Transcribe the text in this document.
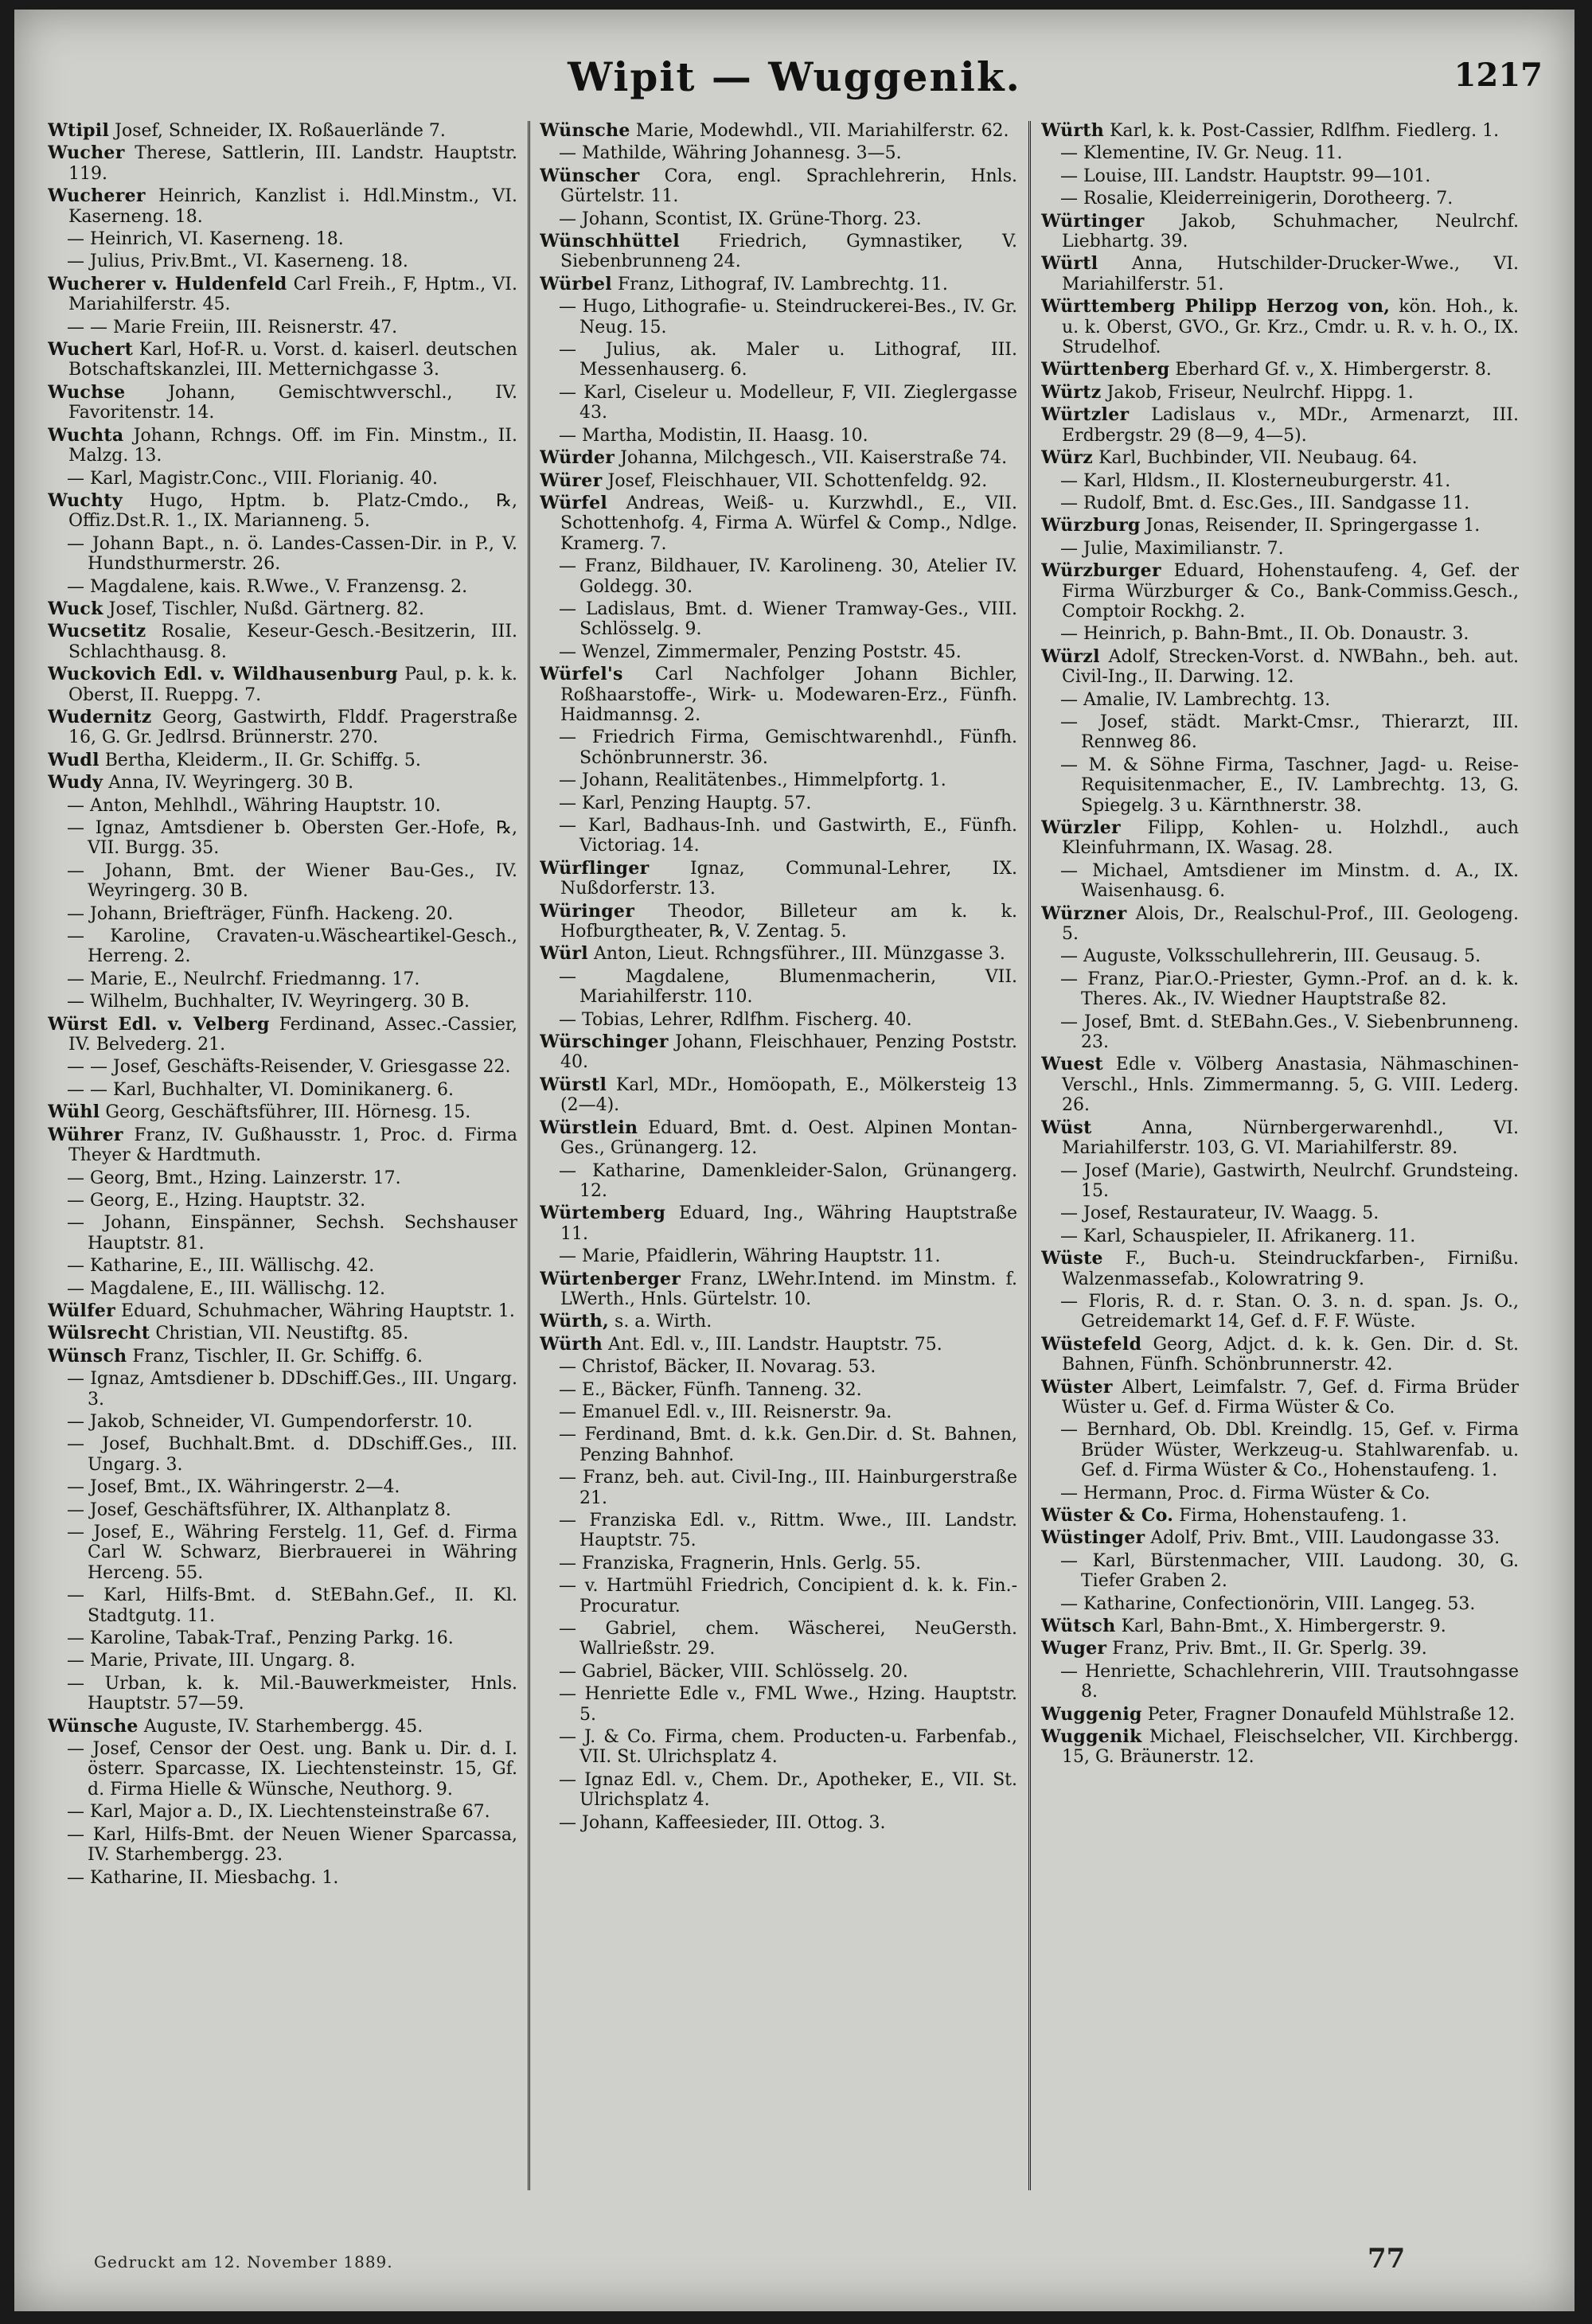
Wipit — Wuggenik.	1217
Wtipil Josef, Schneider, IX. Roßauerlände 7.
Wucher Therese, Sattlerin, III. Landstr. Hauptstr. 119.
Wucherer Heinrich, Kanzlist i. Hdl.Minstm., VI. Kaserneng. 18.
— Heinrich, VI. Kaserneng. 18.
— Julius, Priv.Bmt., VI. Kaserneng. 18.
Wucherer v. Huldenfeld Carl Freih., F, Hptm., VI. Mariahilferstr. 45.
— — Marie Freiin, III. Reisnerstr. 47.
Wuchert Karl, Hof-R. u. Vorst. d. kaiserl. deutschen Botschaftskanzlei, III. Metternichgasse 3.
Wuchse Johann, Gemischtwverschl., IV. Favoritenstr. 14.
Wuchta Johann, Rchngs. Off. im Fin. Minstm., II. Malzg. 13.
— Karl, Magistr.Conc., VIII. Florianig. 40.
Wuchty Hugo, Hptm. b. Platz-Cmdo., ℞, Offiz.Dst.R. 1., IX. Marianneng. 5.
— Johann Bapt., n. ö. Landes-Cassen-Dir. in P., V. Hundsthurmerstr. 26.
— Magdalene, kais. R.Wwe., V. Franzensg. 2.
Wuck Josef, Tischler, Nußd. Gärtnerg. 82.
Wucsetitz Rosalie, Keseur-Gesch.-Besitzerin, III. Schlachthausg. 8.
Wuckovich Edl. v. Wildhausenburg Paul, p. k. k. Oberst, II. Rueppg. 7.
Wudernitz Georg, Gastwirth, Flddf. Pragerstraße 16, G. Gr. Jedlrsd. Brünnerstr. 270.
Wudl Bertha, Kleiderm., II. Gr. Schiffg. 5.
Wudy Anna, IV. Weyringerg. 30 B.
— Anton, Mehlhdl., Währing Hauptstr. 10.
— Ignaz, Amtsdiener b. Obersten Ger.-Hofe, ℞, VII. Burgg. 35.
— Johann, Bmt. der Wiener Bau-Ges., IV. Weyringerg. 30 B.
— Johann, Briefträger, Fünfh. Hackeng. 20.
— Karoline, Cravaten-u.Wäscheartikel-Gesch., Herreng. 2.
— Marie, E., Neulrchf. Friedmanng. 17.
— Wilhelm, Buchhalter, IV. Weyringerg. 30 B.
Würst Edl. v. Velberg Ferdinand, Assec.-Cassier, IV. Belvederg. 21.
— — Josef, Geschäfts-Reisender, V. Griesgasse 22.
— — Karl, Buchhalter, VI. Dominikanerg. 6.
Wühl Georg, Geschäftsführer, III. Hörnesg. 15.
Wührer Franz, IV. Gußhausstr. 1, Proc. d. Firma Theyer & Hardtmuth.
— Georg, Bmt., Hzing. Lainzerstr. 17.
— Georg, E., Hzing. Hauptstr. 32.
— Johann, Einspänner, Sechsh. Sechshauser Hauptstr. 81.
— Katharine, E., III. Wällischg. 42.
— Magdalene, E., III. Wällischg. 12.
Wülfer Eduard, Schuhmacher, Währing Hauptstr. 1.
Wülsrecht Christian, VII. Neustiftg. 85.
Wünsch Franz, Tischler, II. Gr. Schiffg. 6.
— Ignaz, Amtsdiener b. DDschiff.Ges., III. Ungarg. 3.
— Jakob, Schneider, VI. Gumpendorferstr. 10.
— Josef, Buchhalt.Bmt. d. DDschiff.Ges., III. Ungarg. 3.
— Josef, Bmt., IX. Währingerstr. 2—4.
— Josef, Geschäftsführer, IX. Althanplatz 8.
— Josef, E., Währing Ferstelg. 11, Gef. d. Firma Carl W. Schwarz, Bierbrauerei in Währing Herceng. 55.
— Karl, Hilfs-Bmt. d. StEBahn.Gef., II. Kl. Stadtgutg. 11.
— Karoline, Tabak-Traf., Penzing Parkg. 16.
— Marie, Private, III. Ungarg. 8.
— Urban, k. k. Mil.-Bauwerkmeister, Hnls. Hauptstr. 57—59.
Wünsche Auguste, IV. Starhembergg. 45.
— Josef, Censor der Oest. ung. Bank u. Dir. d. I. österr. Sparcasse, IX. Liechtensteinstr. 15, Gf. d. Firma Hielle & Wünsche, Neuthorg. 9.
— Karl, Major a. D., IX. Liechtensteinstraße 67.
— Karl, Hilfs-Bmt. der Neuen Wiener Sparcassa, IV. Starhembergg. 23.
— Katharine, II. Miesbachg. 1.
Wünsche Marie, Modewhdl., VII. Mariahilferstr. 62.
— Mathilde, Währing Johannesg. 3—5.
Wünscher Cora, engl. Sprachlehrerin, Hnls. Gürtelstr. 11.
— Johann, Scontist, IX. Grüne-Thorg. 23.
Wünschhüttel Friedrich, Gymnastiker, V. Siebenbrunneng 24.
Würbel Franz, Lithograf, IV. Lambrechtg. 11.
— Hugo, Lithografie- u. Steindruckerei-Bes., IV. Gr. Neug. 15.
— Julius, ak. Maler u. Lithograf, III. Messenhauserg. 6.
— Karl, Ciseleur u. Modelleur, F, VII. Zieglergasse 43.
— Martha, Modistin, II. Haasg. 10.
Würder Johanna, Milchgesch., VII. Kaiserstraße 74.
Würer Josef, Fleischhauer, VII. Schottenfeldg. 92.
Würfel Andreas, Weiß- u. Kurzwhdl., E., VII. Schottenhofg. 4, Firma A. Würfel & Comp., Ndlge. Kramerg. 7.
— Franz, Bildhauer, IV. Karolineng. 30, Atelier IV. Goldegg. 30.
— Ladislaus, Bmt. d. Wiener Tramway-Ges., VIII. Schlösselg. 9.
— Wenzel, Zimmermaler, Penzing Poststr. 45.
Würfel's Carl Nachfolger Johann Bichler, Roßhaarstoffe-, Wirk- u. Modewaren-Erz., Fünfh. Haidmannsg. 2.
— Friedrich Firma, Gemischtwarenhdl., Fünfh. Schönbrunnerstr. 36.
— Johann, Realitätenbes., Himmelpfortg. 1.
— Karl, Penzing Hauptg. 57.
— Karl, Badhaus-Inh. und Gastwirth, E., Fünfh. Victoriag. 14.
Würflinger Ignaz, Communal-Lehrer, IX. Nußdorferstr. 13.
Würinger Theodor, Billeteur am k. k. Hofburgtheater, ℞, V. Zentag. 5.
Würl Anton, Lieut. Rchngsführer., III. Münzgasse 3.
— Magdalene, Blumenmacherin, VII. Mariahilferstr. 110.
— Tobias, Lehrer, Rdlfhm. Fischerg. 40.
Würschinger Johann, Fleischhauer, Penzing Poststr. 40.
Würstl Karl, MDr., Homöopath, E., Mölkersteig 13 (2—4).
Würstlein Eduard, Bmt. d. Oest. Alpinen Montan-Ges., Grünangerg. 12.
— Katharine, Damenkleider-Salon, Grünangerg. 12.
Würtemberg Eduard, Ing., Währing Hauptstraße 11.
— Marie, Pfaidlerin, Währing Hauptstr. 11.
Würtenberger Franz, LWehr.Intend. im Minstm. f. LWerth., Hnls. Gürtelstr. 10.
Würth, s. a. Wirth.
Würth Ant. Edl. v., III. Landstr. Hauptstr. 75.
— Christof, Bäcker, II. Novarag. 53.
— E., Bäcker, Fünfh. Tanneng. 32.
— Emanuel Edl. v., III. Reisnerstr. 9a.
— Ferdinand, Bmt. d. k.k. Gen.Dir. d. St. Bahnen, Penzing Bahnhof.
— Franz, beh. aut. Civil-Ing., III. Hainburgerstraße 21.
— Franziska Edl. v., Rittm. Wwe., III. Landstr. Hauptstr. 75.
— Franziska, Fragnerin, Hnls. Gerlg. 55.
— v. Hartmühl Friedrich, Concipient d. k. k. Fin.-Procuratur.
— Gabriel, chem. Wäscherei, NeuGersth. Wallrießstr. 29.
— Gabriel, Bäcker, VIII. Schlösselg. 20.
— Henriette Edle v., FML Wwe., Hzing. Hauptstr. 5.
— J. & Co. Firma, chem. Producten-u. Farbenfab., VII. St. Ulrichsplatz 4.
— Ignaz Edl. v., Chem. Dr., Apotheker, E., VII. St. Ulrichsplatz 4.
— Johann, Kaffeesieder, III. Ottog. 3.
Würth Karl, k. k. Post-Cassier, Rdlfhm. Fiedlerg. 1.
— Klementine, IV. Gr. Neug. 11.
— Louise, III. Landstr. Hauptstr. 99—101.
— Rosalie, Kleiderreinigerin, Dorotheerg. 7.
Würtinger Jakob, Schuhmacher, Neulrchf. Liebhartg. 39.
Würtl Anna, Hutschilder-Drucker-Wwe., VI. Mariahilferstr. 51.
Württemberg Philipp Herzog von, kön. Hoh., k. u. k. Oberst, GVO., Gr. Krz., Cmdr. u. R. v. h. O., IX. Strudelhof.
Württenberg Eberhard Gf. v., X. Himbergerstr. 8.
Würtz Jakob, Friseur, Neulrchf. Hippg. 1.
Würtzler Ladislaus v., MDr., Armenarzt, III. Erdbergstr. 29 (8—9, 4—5).
Würz Karl, Buchbinder, VII. Neubaug. 64.
— Karl, Hldsm., II. Klosterneuburgerstr. 41.
— Rudolf, Bmt. d. Esc.Ges., III. Sandgasse 11.
Würzburg Jonas, Reisender, II. Springergasse 1.
— Julie, Maximilianstr. 7.
Würzburger Eduard, Hohenstaufeng. 4, Gef. der Firma Würzburger & Co., Bank-Commiss.Gesch., Comptoir Rockhg. 2.
— Heinrich, p. Bahn-Bmt., II. Ob. Donaustr. 3.
Würzl Adolf, Strecken-Vorst. d. NWBahn., beh. aut. Civil-Ing., II. Darwing. 12.
— Amalie, IV. Lambrechtg. 13.
— Josef, städt. Markt-Cmsr., Thierarzt, III. Rennweg 86.
— M. & Söhne Firma, Taschner, Jagd- u. Reise-Requisitenmacher, E., IV. Lambrechtg. 13, G. Spiegelg. 3 u. Kärnthnerstr. 38.
Würzler Filipp, Kohlen- u. Holzhdl., auch Kleinfuhrmann, IX. Wasag. 28.
— Michael, Amtsdiener im Minstm. d. A., IX. Waisenhausg. 6.
Würzner Alois, Dr., Realschul-Prof., III. Geologeng. 5.
— Auguste, Volksschullehrerin, III. Geusaug. 5.
— Franz, Piar.O.-Priester, Gymn.-Prof. an d. k. k. Theres. Ak., IV. Wiedner Hauptstraße 82.
— Josef, Bmt. d. StEBahn.Ges., V. Siebenbrunneng. 23.
Wuest Edle v. Völberg Anastasia, Nähmaschinen-Verschl., Hnls. Zimmermanng. 5, G. VIII. Lederg. 26.
Wüst	Anna, Nürnbergerwarenhdl., VI. Mariahilferstr. 103, G. VI. Mariahilferstr. 89.
— Josef (Marie), Gastwirth, Neulrchf. Grundsteing. 15.
— Josef, Restaurateur, IV. Waagg. 5.
— Karl, Schauspieler, II. Afrikanerg. 11.
Wüste F., Buch-u. Steindruckfarben-, Firnißu. Walzenmassefab., Kolowratring 9.
— Floris, R. d. r. Stan. O. 3. n. d. span. Js. O., Getreidemarkt 14, Gef. d. F. F. Wüste.
Wüstefeld Georg, Adjct. d. k. k. Gen. Dir. d. St. Bahnen, Fünfh. Schönbrunnerstr. 42.
Wüster Albert, Leimfalstr. 7, Gef. d. Firma Brüder Wüster u. Gef. d. Firma Wüster & Co.
— Bernhard, Ob. Dbl. Kreindlg. 15, Gef. v. Firma Brüder Wüster, Werkzeug-u. Stahlwarenfab. u. Gef. d. Firma Wüster & Co., Hohenstaufeng. 1.
— Hermann, Proc. d. Firma Wüster & Co.
Wüster & Co. Firma, Hohenstaufeng. 1.
Wüstinger Adolf, Priv. Bmt., VIII. Laudongasse 33.
— Karl, Bürstenmacher, VIII. Laudong. 30, G. Tiefer Graben 2.
— Katharine, Confectionörin, VIII. Langeg. 53.
Wütsch Karl, Bahn-Bmt., X. Himbergerstr. 9.
Wuger Franz, Priv. Bmt., II. Gr. Sperlg. 39.
— Henriette, Schachlehrerin, VIII. Trautsohngasse 8.
Wuggenig Peter, Fragner Donaufeld Mühlstraße 12.
Wuggenik Michael, Fleischselcher, VII. Kirchbergg. 15, G. Bräunerstr. 12.
Gedruckt am 12. November 1889.	77
